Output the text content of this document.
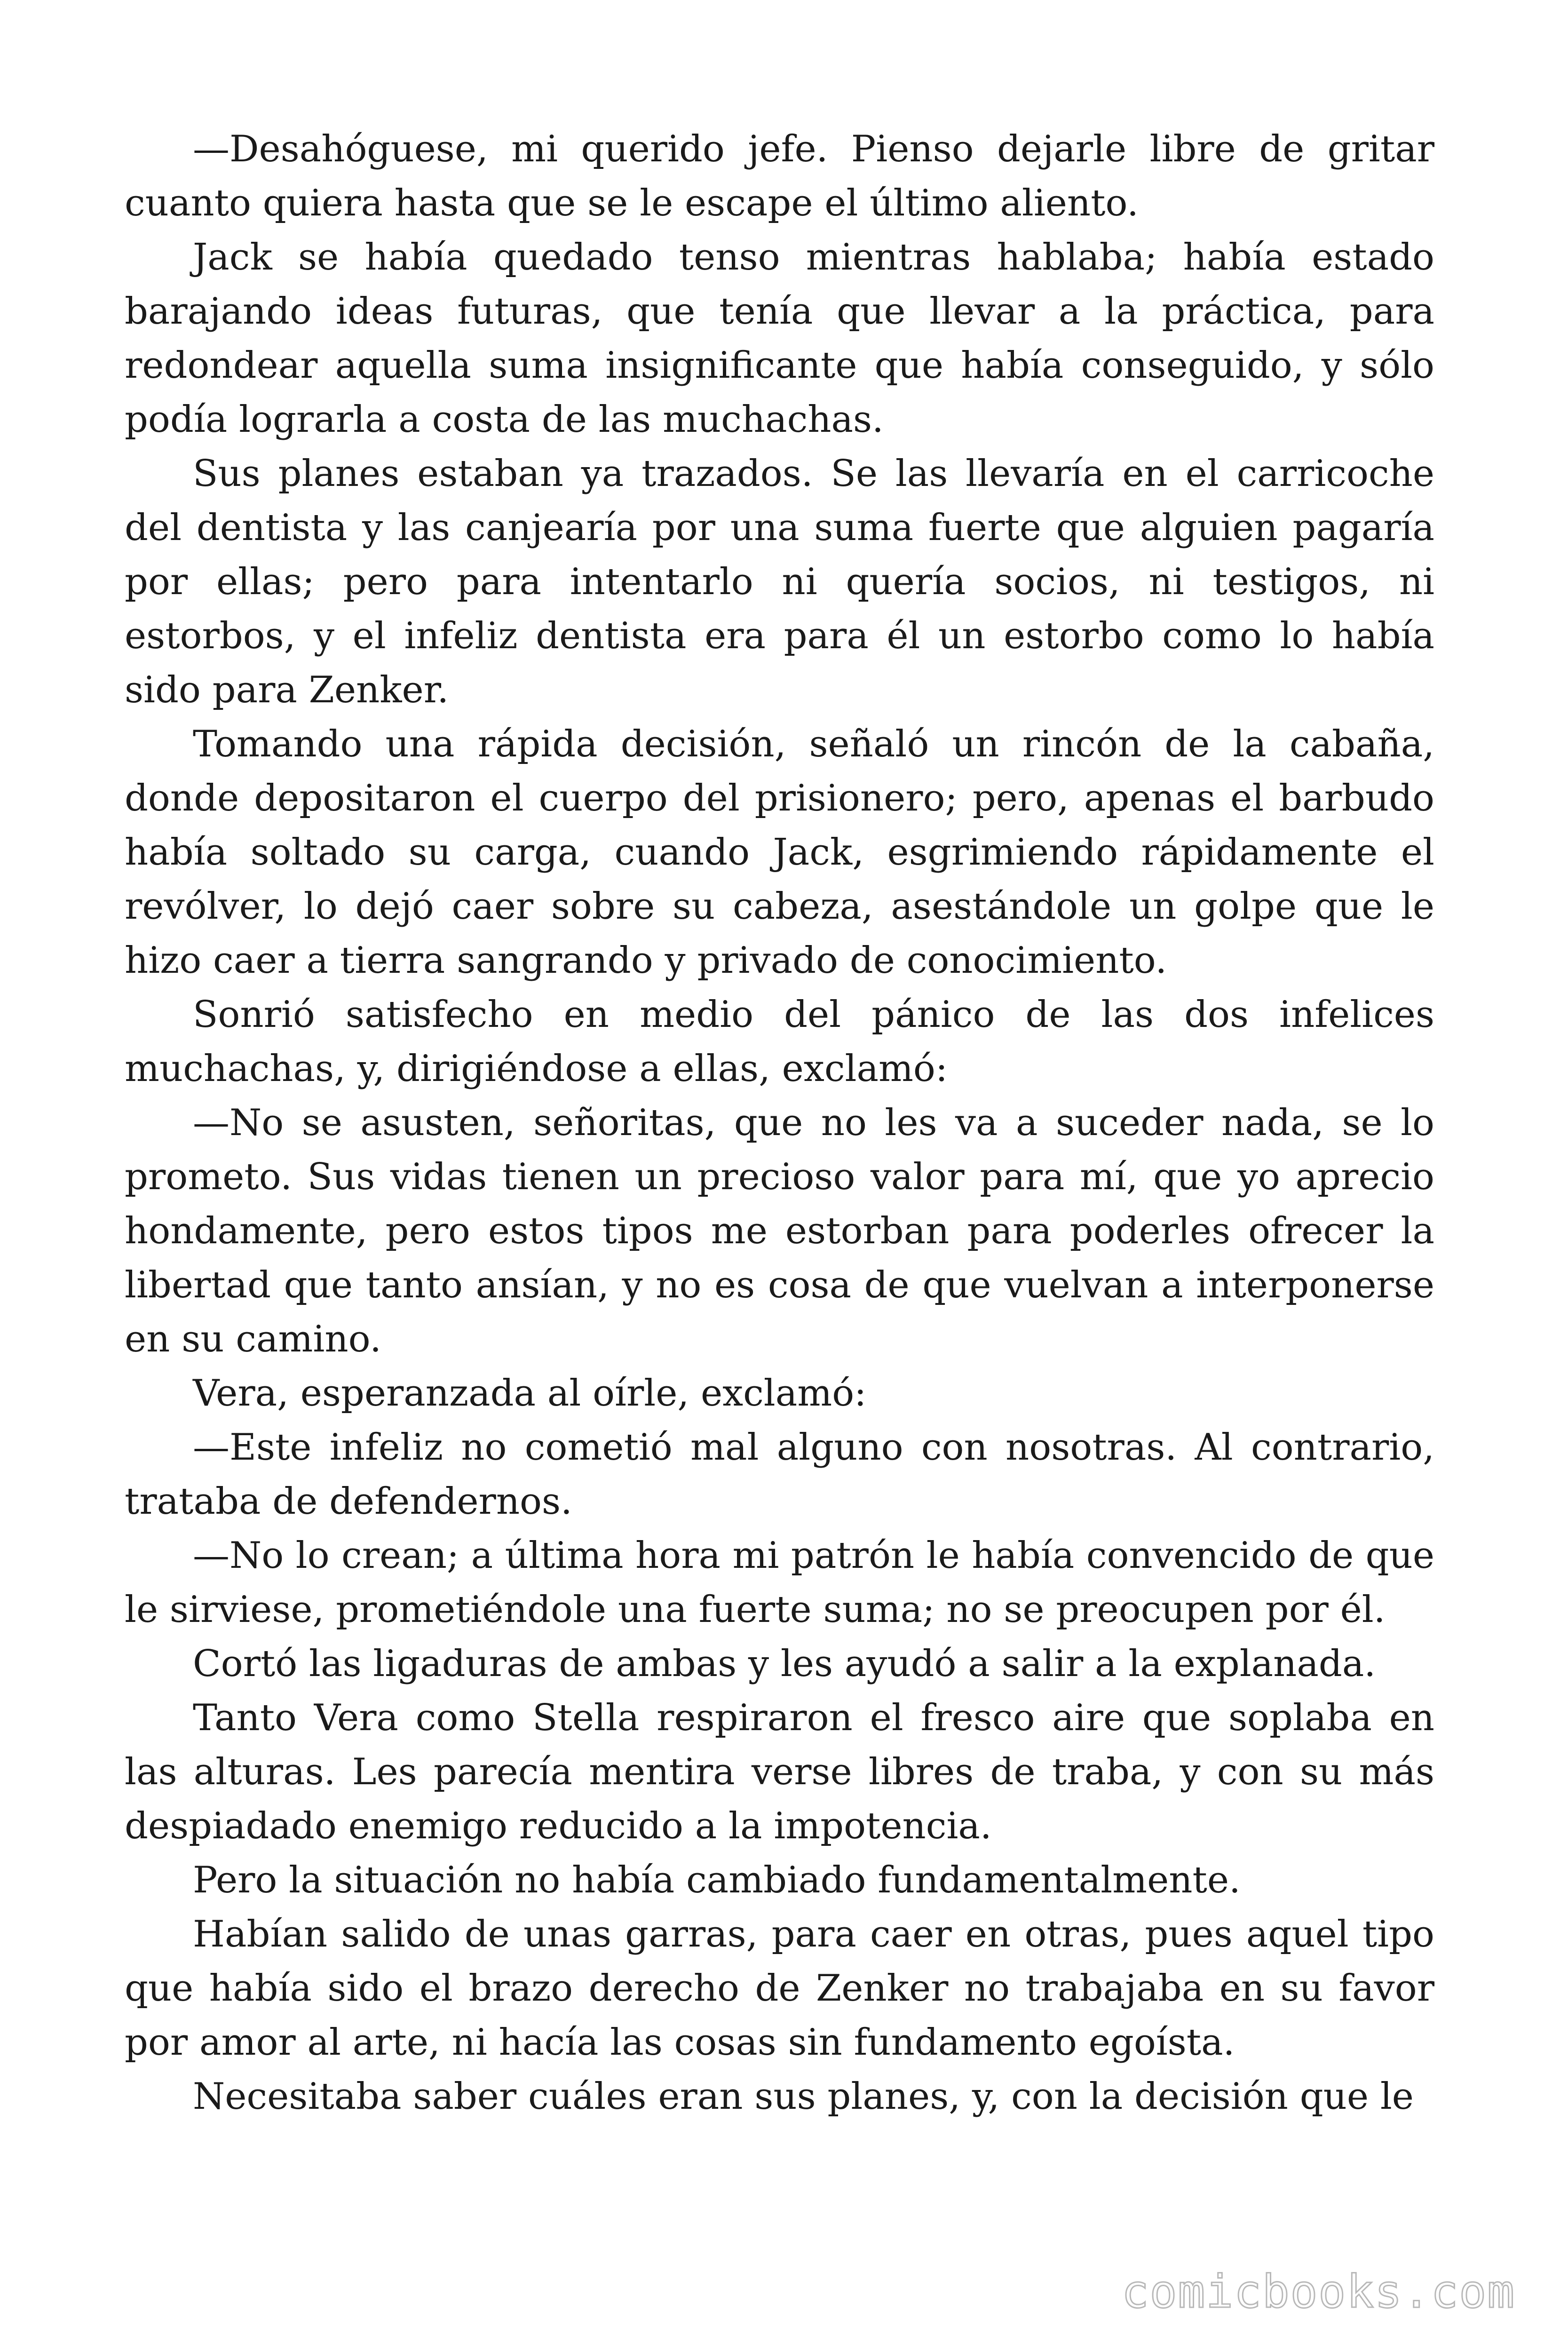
—Desahóguese, mi querido jefe. Pienso dejarle libre de gritar cuanto quiera hasta que se le escape el último aliento.

Jack se había quedado tenso mientras hablaba; había estado barajando ideas futuras, que tenía que llevar a la práctica, para redondear aquella suma insignificante que había conseguido, y sólo podía lograrla a costa de las muchachas.

Sus planes estaban ya trazados. Se las llevaría en el carricoche del dentista y las canjearía por una suma fuerte que alguien pagaría por ellas; pero para intentarlo ni quería socios, ni testigos, ni estorbos, y el infeliz dentista era para él un estorbo como lo había sido para Zenker.

Tomando una rápida decisión, señaló un rincón de la cabaña, donde depositaron el cuerpo del prisionero; pero, apenas el barbudo había soltado su carga, cuando Jack, esgrimiendo rápidamente el revólver, lo dejó caer sobre su cabeza, asestándole un golpe que le hizo caer a tierra sangrando y privado de conocimiento.

Sonrió satisfecho en medio del pánico de las dos infelices muchachas, y, dirigiéndose a ellas, exclamó:

—No se asusten, señoritas, que no les va a suceder nada, se lo prometo. Sus vidas tienen un precioso valor para mí, que yo aprecio hondamente, pero estos tipos me estorban para poderles ofrecer la libertad que tanto ansían, y no es cosa de que vuelvan a interponerse en su camino.

Vera, esperanzada al oírle, exclamó:

—Este infeliz no cometió mal alguno con nosotras. Al contrario, trataba de defendernos.

—No lo crean; a última hora mi patrón le había convencido de que le sirviese, prometiéndole una fuerte suma; no se preocupen por él.

Cortó las ligaduras de ambas y les ayudó a salir a la explanada.

Tanto Vera como Stella respiraron el fresco aire que soplaba en las alturas. Les parecía mentira verse libres de traba, y con su más despiadado enemigo reducido a la impotencia.

Pero la situación no había cambiado fundamentalmente.

Habían salido de unas garras, para caer en otras, pues aquel tipo que había sido el brazo derecho de Zenker no trabajaba en su favor por amor al arte, ni hacía las cosas sin fundamento egoísta.

Necesitaba saber cuáles eran sus planes, y, con la decisión que le

comicbooks.com
